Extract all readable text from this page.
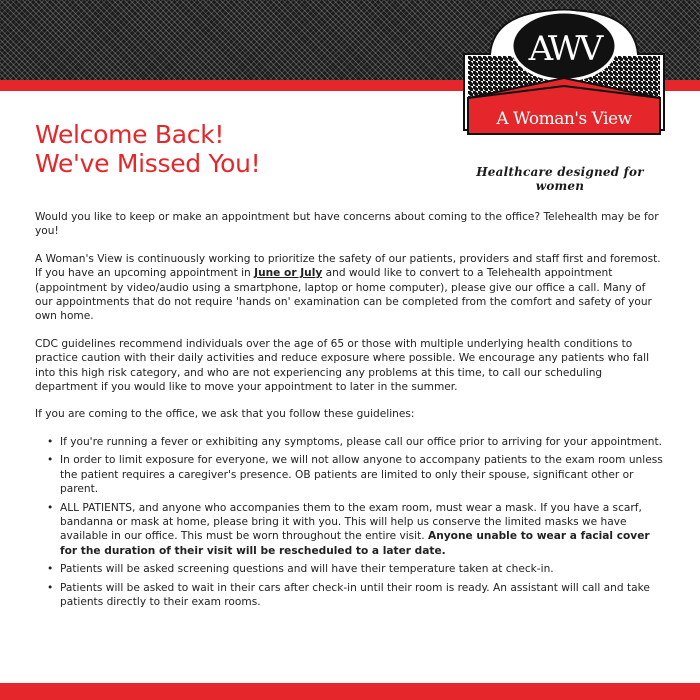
AWV
A Woman's View
Healthcare designed for women
Welcome Back!
We've Missed You!

Would you like to keep or make an appointment but have concerns about coming to the office? Telehealth may be for you!

A Woman's View is continuously working to prioritize the safety of our patients, providers and staff first and foremost. If you have an upcoming appointment in June or July and would like to convert to a Telehealth appointment (appointment by video/audio using a smartphone, laptop or home computer), please give our office a call. Many of our appointments that do not require 'hands on' examination can be completed from the comfort and safety of your own home.

CDC guidelines recommend individuals over the age of 65 or those with multiple underlying health conditions to practice caution with their daily activities and reduce exposure where possible. We encourage any patients who fall into this high risk category, and who are not experiencing any problems at this time, to call our scheduling department if you would like to move your appointment to later in the summer.

If you are coming to the office, we ask that you follow these guidelines:

• If you're running a fever or exhibiting any symptoms, please call our office prior to arriving for your appointment.
• In order to limit exposure for everyone, we will not allow anyone to accompany patients to the exam room unless the patient requires a caregiver's presence. OB patients are limited to only their spouse, significant other or parent.
• ALL PATIENTS, and anyone who accompanies them to the exam room, must wear a mask. If you have a scarf, bandanna or mask at home, please bring it with you. This will help us conserve the limited masks we have available in our office. This must be worn throughout the entire visit. Anyone unable to wear a facial cover for the duration of their visit will be rescheduled to a later date.
• Patients will be asked screening questions and will have their temperature taken at check-in.
• Patients will be asked to wait in their cars after check-in until their room is ready. An assistant will call and take patients directly to their exam rooms.
